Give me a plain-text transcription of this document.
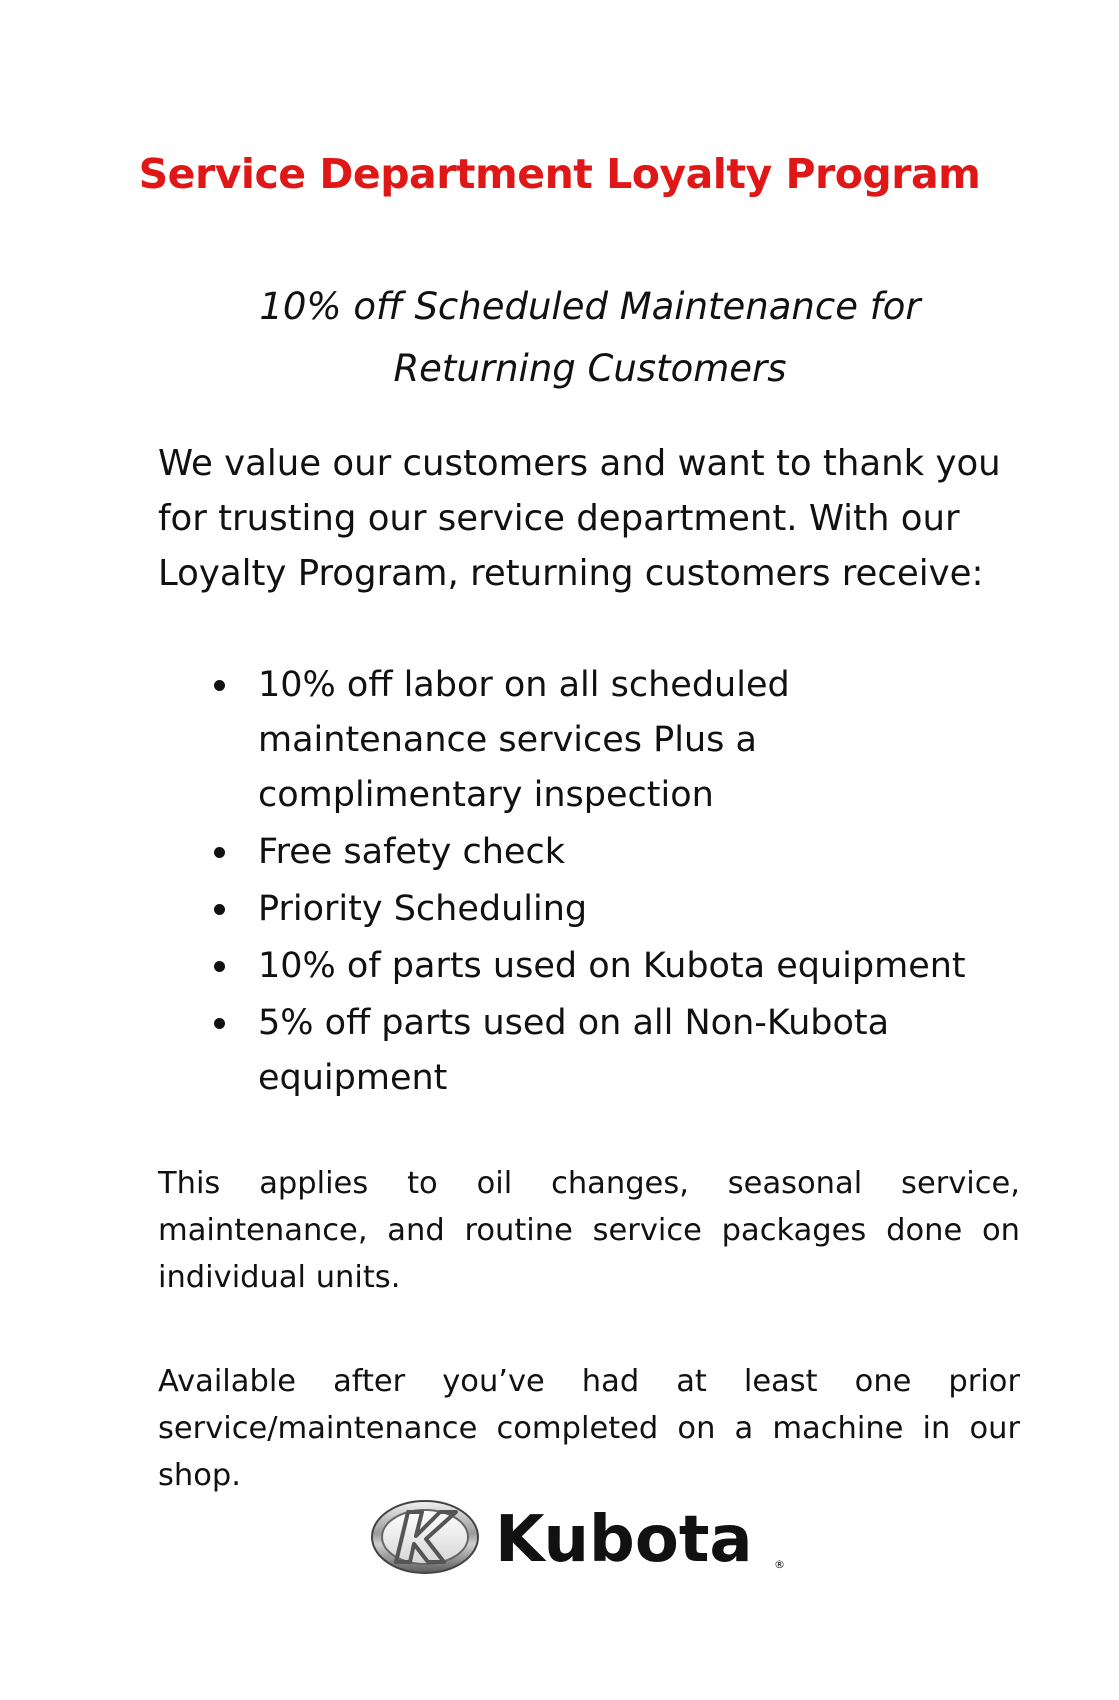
Service Department Loyalty Program
10% off Scheduled Maintenance for
Returning Customers
We value our customers and want to thank you
for trusting our service department. With our
Loyalty Program, returning customers receive:
10% off labor on all scheduled
maintenance services Plus a
complimentary inspection
Free safety check
Priority Scheduling
10% of parts used on Kubota equipment
5% off parts used on all Non-Kubota
equipment

This applies to oil changes, seasonal service, maintenance, and routine service packages done on individual units.

Available after you’ve had at least one prior service/maintenance completed on a machine in our shop.

Kubota ®
